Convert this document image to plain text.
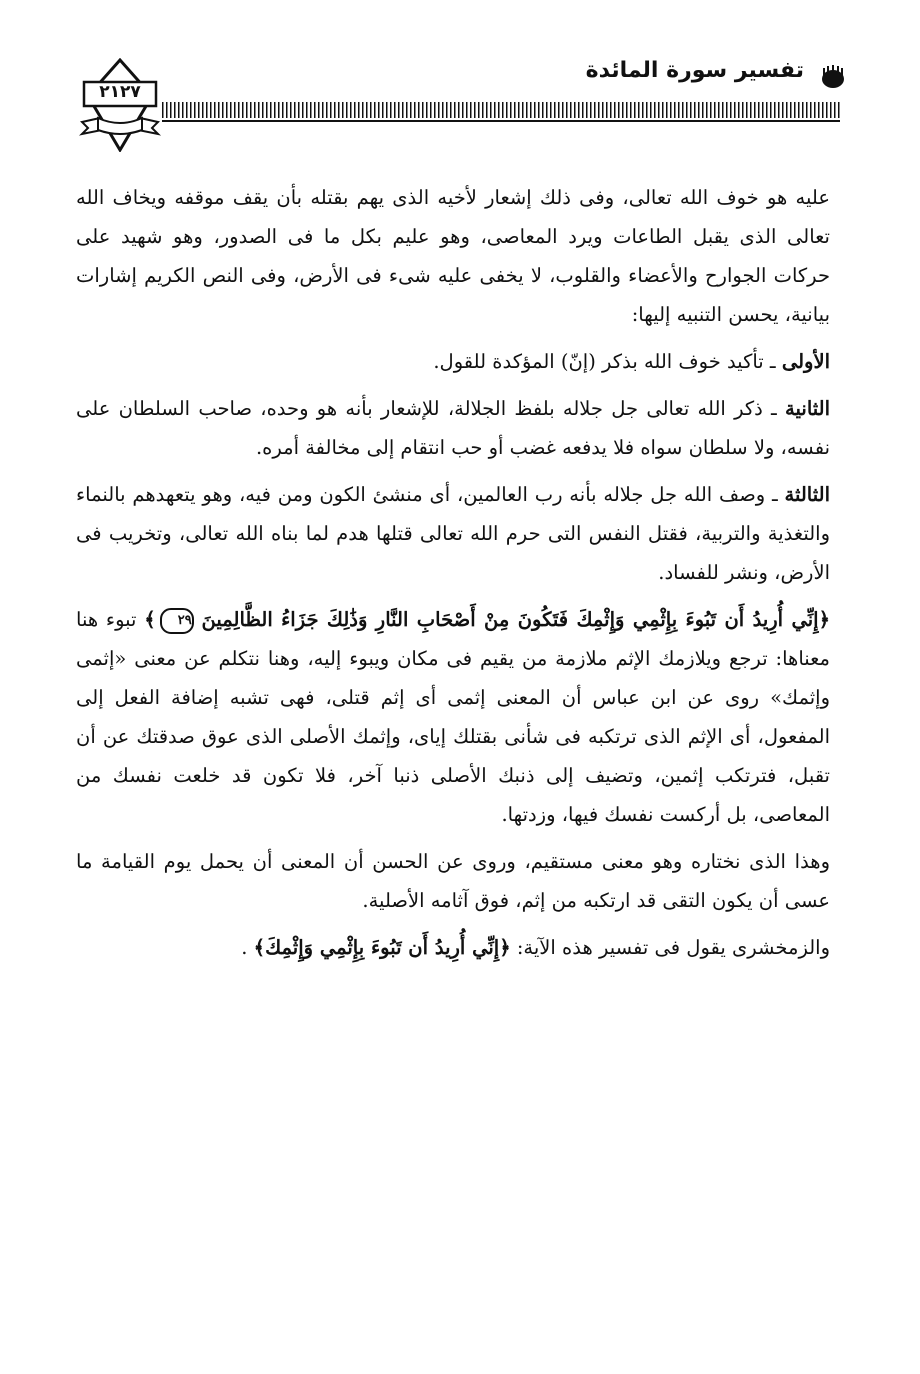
تفسير سورة المائدة
٢١٢٧

عليه هو خوف الله تعالى، وفى ذلك إشعار لأخيه الذى يهم بقتله بأن يقف موقفه ويخاف الله تعالى الذى يقبل الطاعات ويرد المعاصى، وهو عليم بكل ما فى الصدور، وهو شهيد على حركات الجوارح والأعضاء والقلوب، لا يخفى عليه شىء فى الأرض، وفى النص الكريم إشارات بيانية، يحسن التنبيه إليها:

الأولى ـ تأكيد خوف الله بذكر (إنّ) المؤكدة للقول.

الثانية ـ ذكر الله تعالى جل جلاله بلفظ الجلالة، للإشعار بأنه هو وحده، صاحب السلطان على نفسه، ولا سلطان سواه فلا يدفعه غضب أو حب انتقام إلى مخالفة أمره.

الثالثة ـ وصف الله جل جلاله بأنه رب العالمين، أى منشئ الكون ومن فيه، وهو يتعهدهم بالنماء والتغذية والتربية، فقتل النفس التى حرم الله تعالى قتلها هدم لما بناه الله تعالى، وتخريب فى الأرض، ونشر للفساد.

﴿إِنِّي أُرِيدُ أَن تَبُوءَ بِإِثْمِي وَإِثْمِكَ فَتَكُونَ مِنْ أَصْحَابِ النَّارِ وَذَٰلِكَ جَزَاءُ الظَّالِمِينَ ٢٩﴾ تبوء هنا معناها: ترجع ويلازمك الإثم ملازمة من يقيم فى مكان ويبوء إليه، وهنا نتكلم عن معنى «إثمى وإثمك» روى عن ابن عباس أن المعنى إثمى أى إثم قتلى، فهى تشبه إضافة الفعل إلى المفعول، أى الإثم الذى ترتكبه فى شأنى بقتلك إياى، وإثمك الأصلى الذى عوق صدقتك عن أن تقبل، فترتكب إثمين، وتضيف إلى ذنبك الأصلى ذنبا آخر، فلا تكون قد خلعت نفسك من المعاصى، بل أركست نفسك فيها، وزدتها.

وهذا الذى نختاره وهو معنى مستقيم، وروى عن الحسن أن المعنى أن يحمل يوم القيامة ما عسى أن يكون التقى قد ارتكبه من إثم، فوق آثامه الأصلية.

والزمخشرى يقول فى تفسير هذه الآية: ﴿إِنِّي أُرِيدُ أَن تَبُوءَ بِإِثْمِي وَإِثْمِكَ﴾ .
